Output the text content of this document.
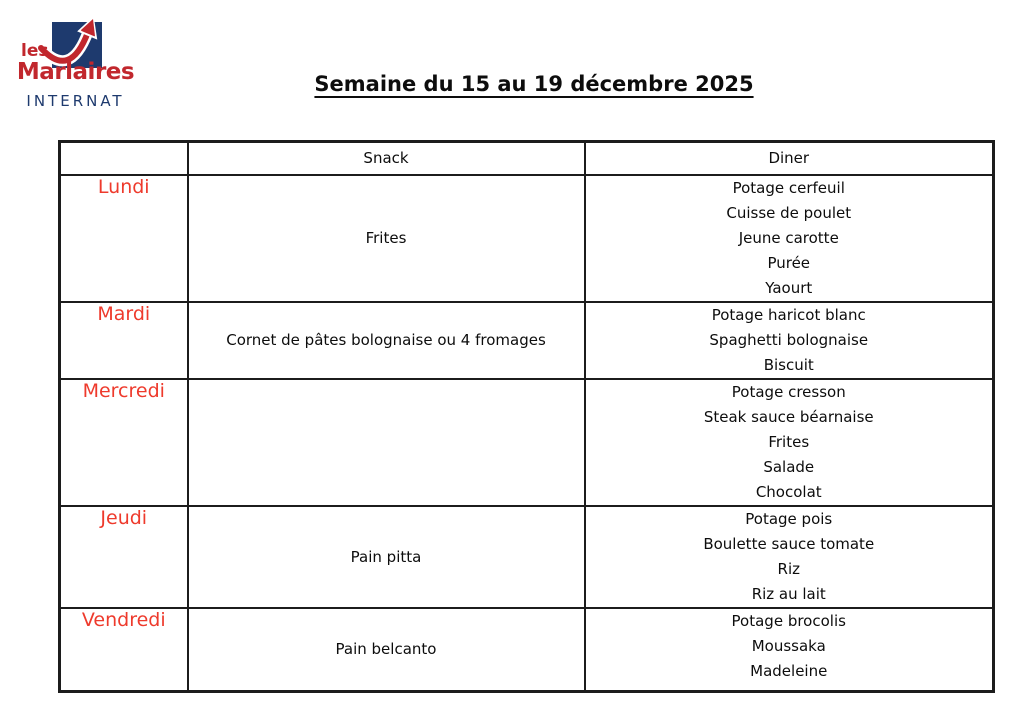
les
Marlaires
INTERNAT
Semaine du 15 au 19 décembre 2025
	Snack	Diner
Lundi	Frites	Potage cerfeuil
Cuisse de poulet
Jeune carotte
Purée
Yaourt

Mardi	Cornet de pâtes bolognaise ou 4 fromages	Potage haricot blanc
Spaghetti bolognaise
Biscuit

Mercredi		Potage cresson
Steak sauce béarnaise
Frites
Salade
Chocolat

Jeudi	Pain pitta	Potage pois
Boulette sauce tomate
Riz
Riz au lait

Vendredi	Pain belcanto	Potage brocolis
Moussaka
Madeleine
